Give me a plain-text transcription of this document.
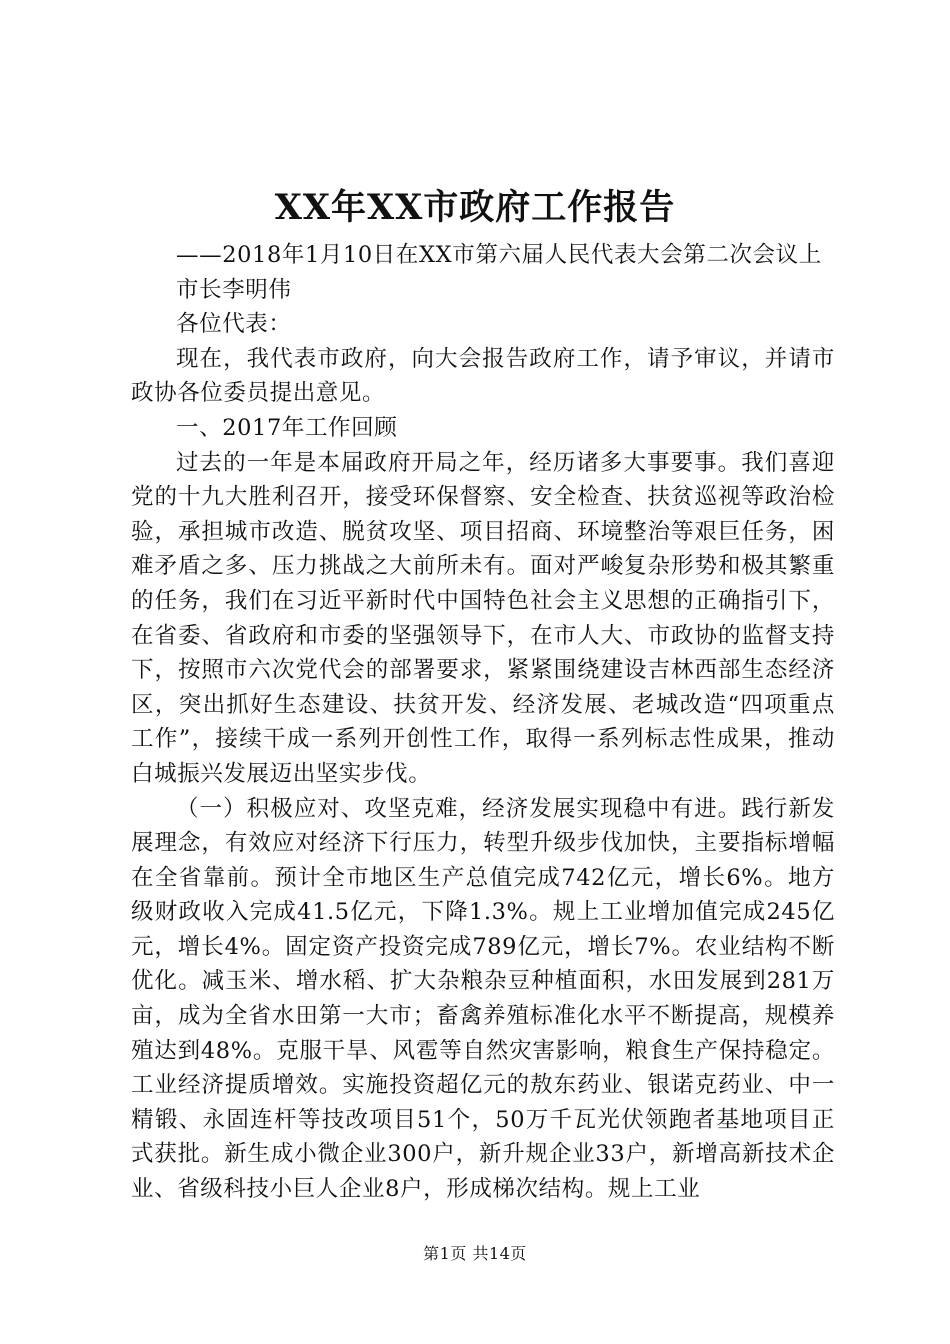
XX年XX市政府工作报告

——2018年1月10日在XX市第六届人民代表大会第二次会议上

市长李明伟

各位代表：

现在，我代表市政府，向大会报告政府工作，请予审议，并请市政协各位委员提出意见。

一、2017年工作回顾

过去的一年是本届政府开局之年，经历诸多大事要事。我们喜迎党的十九大胜利召开，接受环保督察、安全检查、扶贫巡视等政治检验，承担城市改造、脱贫攻坚、项目招商、环境整治等艰巨任务，困难矛盾之多、压力挑战之大前所未有。面对严峻复杂形势和极其繁重的任务，我们在习近平新时代中国特色社会主义思想的正确指引下，在省委、省政府和市委的坚强领导下，在市人大、市政协的监督支持下，按照市六次党代会的部署要求，紧紧围绕建设吉林西部生态经济区，突出抓好生态建设、扶贫开发、经济发展、老城改造“四项重点工作”，接续干成一系列开创性工作，取得一系列标志性成果，推动白城振兴发展迈出坚实步伐。

（一）积极应对、攻坚克难，经济发展实现稳中有进。践行新发展理念，有效应对经济下行压力，转型升级步伐加快，主要指标增幅在全省靠前。预计全市地区生产总值完成742亿元，增长6%。地方级财政收入完成41.5亿元，下降1.3%。规上工业增加值完成245亿元，增长4%。固定资产投资完成789亿元，增长7%。农业结构不断优化。减玉米、增水稻、扩大杂粮杂豆种植面积，水田发展到281万亩，成为全省水田第一大市；畜禽养殖标准化水平不断提高，规模养殖达到48%。克服干旱、风雹等自然灾害影响，粮食生产保持稳定。工业经济提质增效。实施投资超亿元的敖东药业、银诺克药业、中一精锻、永固连杆等技改项目51个，50万千瓦光伏领跑者基地项目正式获批。新生成小微企业300户，新升规企业33户，新增高新技术企业、省级科技小巨人企业8户，形成梯次结构。规上工业

第1页 共14页
